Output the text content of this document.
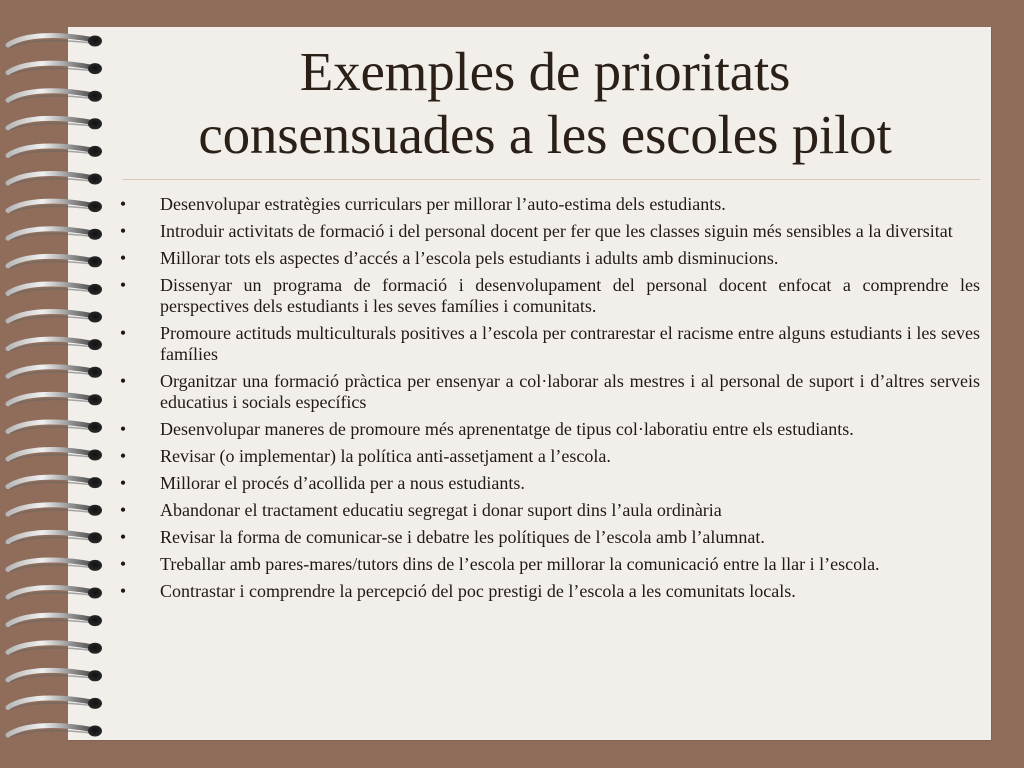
Exemples de prioritats
consensuades a les escoles pilot
• Desenvolupar estratègies curriculars per millorar l’auto-estima dels estudiants.
• Introduir activitats de formació i del personal docent per fer que les classes siguin més sensibles a la diversitat
• Millorar tots els aspectes d’accés a l’escola pels estudiants i adults amb disminucions.
• Dissenyar un programa de formació i desenvolupament del personal docent enfocat a comprendre les perspectives dels estudiants i les seves famílies i comunitats.
• Promoure actituds multiculturals positives a l’escola per contrarestar el racisme entre alguns estudiants i les seves famílies
• Organitzar una formació pràctica per ensenyar a col·laborar als mestres i al personal de suport i d’altres serveis educatius i socials específics
• Desenvolupar maneres de promoure més aprenentatge de tipus col·laboratiu entre els estudiants.
• Revisar (o implementar) la política anti-assetjament a l’escola.
• Millorar el procés d’acollida per a nous estudiants.
• Abandonar el tractament educatiu segregat i donar suport dins l’aula ordinària
• Revisar la forma de comunicar-se i debatre les polítiques de l’escola amb l’alumnat.
• Treballar amb pares-mares/tutors dins de l’escola per millorar la comunicació entre la llar i l’escola.
• Contrastar i comprendre la percepció del poc prestigi de l’escola a les comunitats locals.
